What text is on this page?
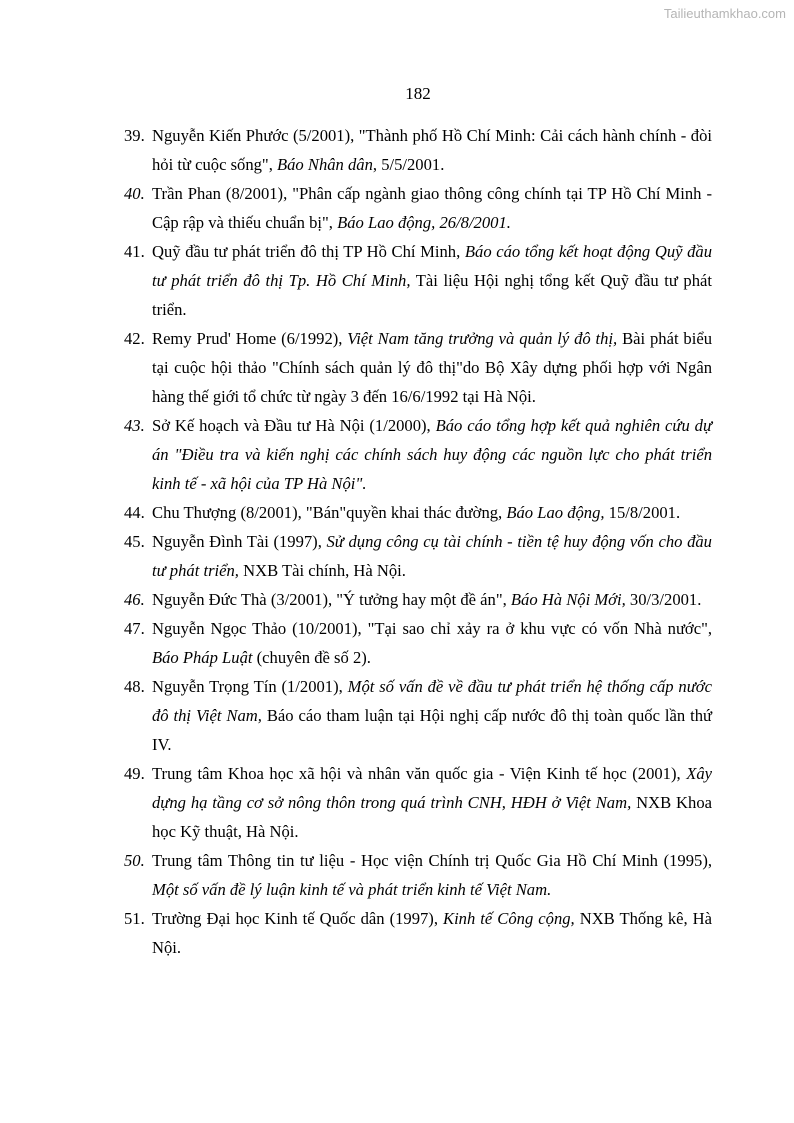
Tailieuthamkhao.com
182
39. Nguyễn Kiến Phước (5/2001), "Thành phố Hồ Chí Minh: Cải cách hành chính - đòi hỏi từ cuộc sống", Báo Nhân dân, 5/5/2001.
40. Trần Phan (8/2001), "Phân cấp ngành giao thông công chính tại TP Hồ Chí Minh - Cập rập và thiếu chuẩn bị", Báo Lao động, 26/8/2001.
41. Quỹ đầu tư phát triển đô thị TP Hồ Chí Minh, Báo cáo tổng kết hoạt động Quỹ đầu tư phát triển đô thị Tp. Hồ Chí Minh, Tài liệu Hội nghị tổng kết Quỹ đầu tư phát triển.
42. Remy Prud' Home (6/1992), Việt Nam tăng trưởng và quản lý đô thị, Bài phát biểu tại cuộc hội thảo "Chính sách quản lý đô thị"do Bộ Xây dựng phối hợp với Ngân hàng thế giới tổ chức từ ngày 3 đến 16/6/1992 tại Hà Nội.
43. Sở Kế hoạch và Đầu tư Hà Nội (1/2000), Báo cáo tổng hợp kết quả nghiên cứu dự án "Điều tra và kiến nghị các chính sách huy động các nguồn lực cho phát triển kinh tế - xã hội của TP Hà Nội".
44. Chu Thượng (8/2001), "Bán"quyền khai thác đường, Báo Lao động, 15/8/2001.
45. Nguyễn Đình Tài (1997), Sử dụng công cụ tài chính - tiền tệ huy động vốn cho đầu tư phát triển, NXB Tài chính, Hà Nội.
46. Nguyễn Đức Thà (3/2001), "Ý tưởng hay một đề án", Báo Hà Nội Mới, 30/3/2001.
47. Nguyễn Ngọc Thảo (10/2001), "Tại sao chỉ xảy ra ở khu vực có vốn Nhà nước", Báo Pháp Luật (chuyên đề số 2).
48. Nguyễn Trọng Tín (1/2001), Một số vấn đề về đầu tư phát triển hệ thống cấp nước đô thị Việt Nam, Báo cáo tham luận tại Hội nghị cấp nước đô thị toàn quốc lần thứ IV.
49. Trung tâm Khoa học xã hội và nhân văn quốc gia - Viện Kinh tế học (2001), Xây dựng hạ tầng cơ sở nông thôn trong quá trình CNH, HĐH ở Việt Nam, NXB Khoa học Kỹ thuật, Hà Nội.
50. Trung tâm Thông tin tư liệu - Học viện Chính trị Quốc Gia Hồ Chí Minh (1995), Một số vấn đề lý luận kinh tế và phát triển kinh tế Việt Nam.
51. Trường Đại học Kinh tế Quốc dân (1997), Kinh tế Công cộng, NXB Thống kê, Hà Nội.
